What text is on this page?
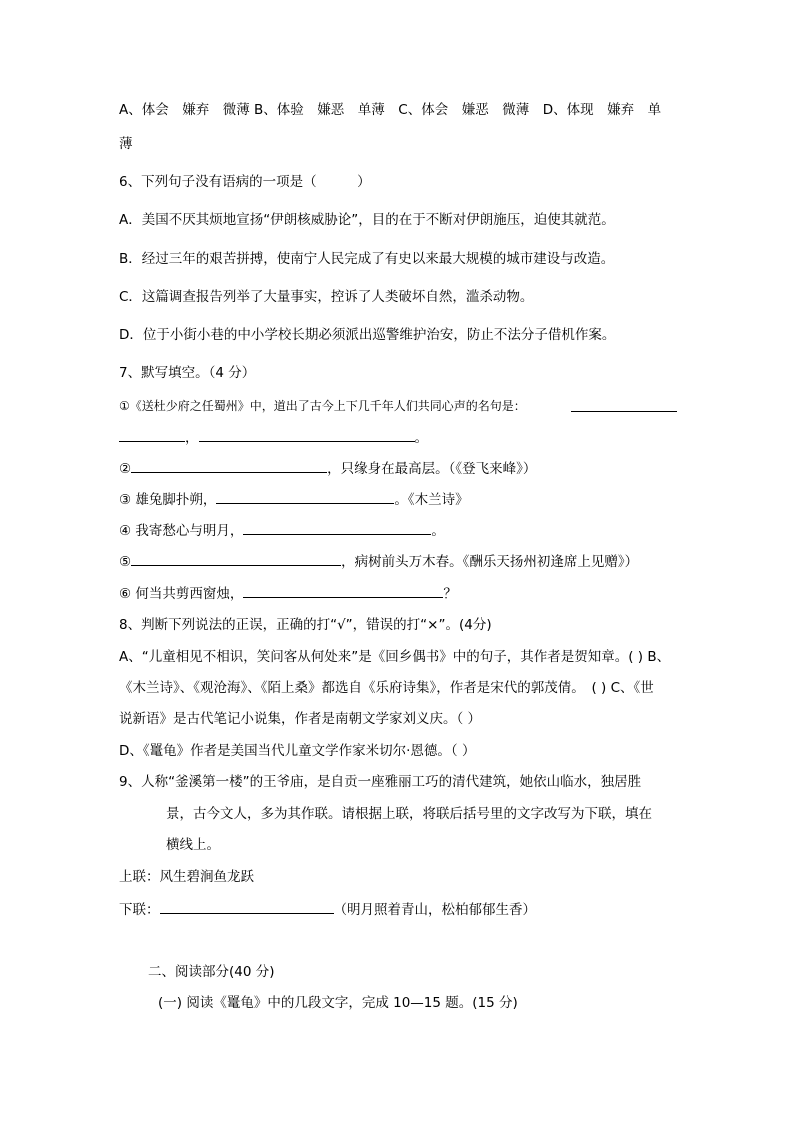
A、体会　嫌弃　微薄 B、体验　嫌恶　单薄　C、体会　嫌恶　微薄　D、体现　嫌弃　单
薄
6、下列句子没有语病的一项是（　　　）
A．美国不厌其烦地宣扬“伊朗核威胁论”，目的在于不断对伊朗施压，迫使其就范。
B．经过三年的艰苦拼搏，使南宁人民完成了有史以来最大规模的城市建设与改造。
C．这篇调查报告列举了大量事实，控诉了人类破坏自然，滥杀动物。
D．位于小街小巷的中小学校长期必须派出巡警维护治安，防止不法分子借机作案。
7、默写填空。（4 分）
①《送杜少府之任蜀州》中，道出了古今上下几千年人们共同心声的名句是：
，	。
②	，只缘身在最高层。（《登飞来峰》）
③ 雄兔脚扑朔，	。《木兰诗》
④ 我寄愁心与明月，	。
⑤	，病树前头万木春。《酬乐天扬州初逢席上见赠》）
⑥ 何当共剪西窗烛，	？
8、判断下列说法的正误，正确的打“√”，错误的打“×”。(4分)
A、“儿童相见不相识，笑问客从何处来”是《回乡偶书》中的句子，其作者是贺知章。( ) B、
《木兰诗》、《观沧海》、《陌上桑》都选自《乐府诗集》，作者是宋代的郭茂倩。　( ) C、《世
说新语》是古代笔记小说集，作者是南朝文学家刘义庆。（ ）
D、《鼍龟》作者是美国当代儿童文学作家米切尔·恩德。（ ）
9、人称“釜溪第一楼”的王爷庙，是自贡一座雅丽工巧的清代建筑，她依山临水，独居胜
景，古今文人，多为其作联。请根据上联，将联后括号里的文字改写为下联，填在
横线上。
上联：风生碧涧鱼龙跃
下联：	（明月照着青山，松柏郁郁生香）
二、阅读部分(40 分)
(一) 阅读《鼍龟》中的几段文字，完成 10—15 题。(15 分)
